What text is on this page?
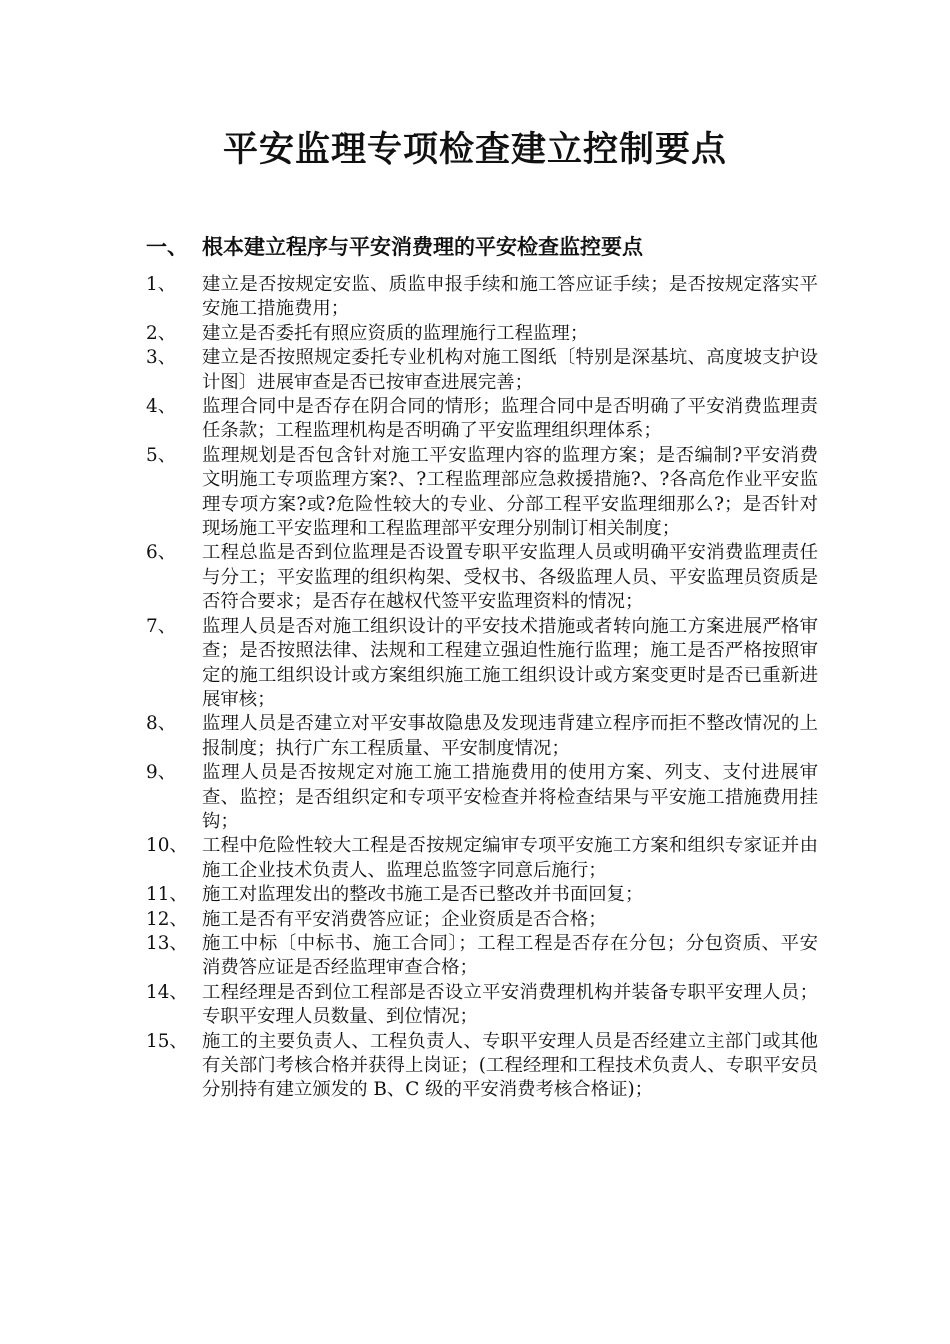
平安监理专项检查建立控制要点
一、 根本建立程序与平安消费理的平安检查监控要点
1、	建立是否按规定安监、质监申报手续和施工答应证手续；是否按规定落实平安施工措施费用；
2、	建立是否委托有照应资质的监理施行工程监理；
3、	建立是否按照规定委托专业机构对施工图纸〔特别是深基坑、高度坡支护设计图〕进展审查是否已按审查进展完善；
4、	监理合同中是否存在阴合同的情形；监理合同中是否明确了平安消费监理责任条款；工程监理机构是否明确了平安监理组织理体系；
5、	监理规划是否包含针对施工平安监理内容的监理方案；是否编制?平安消费文明施工专项监理方案?、?工程监理部应急救援措施?、?各高危作业平安监理专项方案?或?危险性较大的专业、分部工程平安监理细那么?；是否针对现场施工平安监理和工程监理部平安理分别制订相关制度；
6、	工程总监是否到位监理是否设置专职平安监理人员或明确平安消费监理责任与分工；平安监理的组织构架、受权书、各级监理人员、平安监理员资质是否符合要求；是否存在越权代签平安监理资料的情况；
7、	监理人员是否对施工组织设计的平安技术措施或者转向施工方案进展严格审查；是否按照法律、法规和工程建立强迫性施行监理；施工是否严格按照审定的施工组织设计或方案组织施工施工组织设计或方案变更时是否已重新进展审核；
8、	监理人员是否建立对平安事故隐患及发现违背建立程序而拒不整改情况的上报制度；执行广东工程质量、平安制度情况；
9、	监理人员是否按规定对施工施工措施费用的使用方案、列支、支付进展审查、监控；是否组织定和专项平安检查并将检查结果与平安施工措施费用挂钩；
10、 工程中危险性较大工程是否按规定编审专项平安施工方案和组织专家证并由施工企业技术负责人、监理总监签字同意后施行；
11、 施工对监理发出的整改书施工是否已整改并书面回复；
12、 施工是否有平安消费答应证；企业资质是否合格；
13、 施工中标〔中标书、施工合同〕；工程工程是否存在分包；分包资质、平安消费答应证是否经监理审查合格；
14、 工程经理是否到位工程部是否设立平安消费理机构并装备专职平安理人员；专职平安理人员数量、到位情况；
15、 施工的主要负责人、工程负责人、专职平安理人员是否经建立主部门或其他有关部门考核合格并获得上岗证；(工程经理和工程技术负责人、专职平安员分别持有建立颁发的 B、C 级的平安消费考核合格证)；
